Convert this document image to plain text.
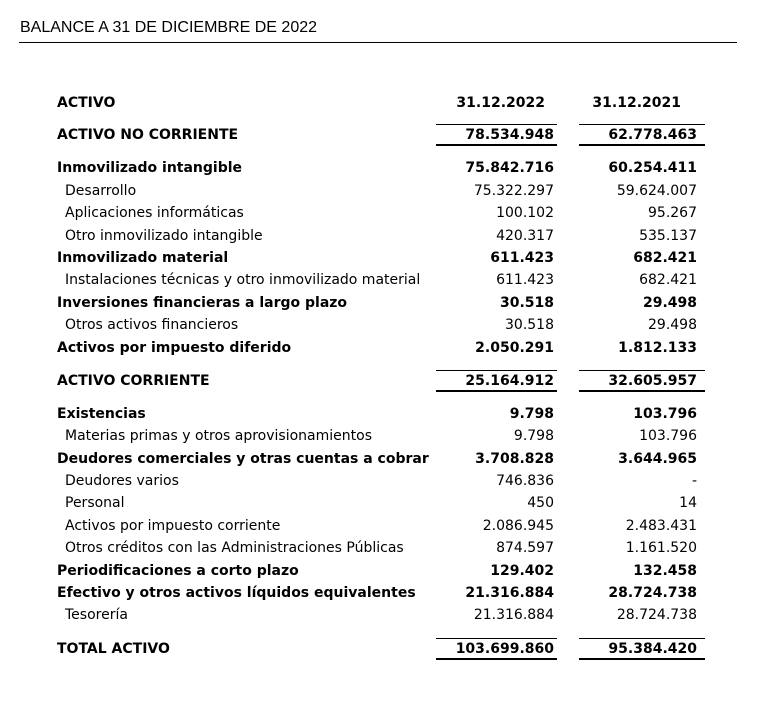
BALANCE A 31 DE DICIEMBRE DE 2022
ACTIVO	31.12.2022	31.12.2021
ACTIVO NO CORRIENTE	78.534.948	62.778.463
Inmovilizado intangible	75.842.716	60.254.411
Desarrollo	75.322.297	59.624.007
Aplicaciones informáticas	100.102	95.267
Otro inmovilizado intangible	420.317	535.137
Inmovilizado material	611.423	682.421
Instalaciones técnicas y otro inmovilizado material	611.423	682.421
Inversiones financieras a largo plazo	30.518	29.498
Otros activos financieros	30.518	29.498
Activos por impuesto diferido	2.050.291	1.812.133
ACTIVO CORRIENTE	25.164.912	32.605.957
Existencias	9.798	103.796
Materias primas y otros aprovisionamientos	9.798	103.796
Deudores comerciales y otras cuentas a cobrar	3.708.828	3.644.965
Deudores varios	746.836	-
Personal	450	14
Activos por impuesto corriente	2.086.945	2.483.431
Otros créditos con las Administraciones Públicas	874.597	1.161.520
Periodificaciones a corto plazo	129.402	132.458
Efectivo y otros activos líquidos equivalentes	21.316.884	28.724.738
Tesorería	21.316.884	28.724.738
TOTAL ACTIVO	103.699.860	95.384.420
